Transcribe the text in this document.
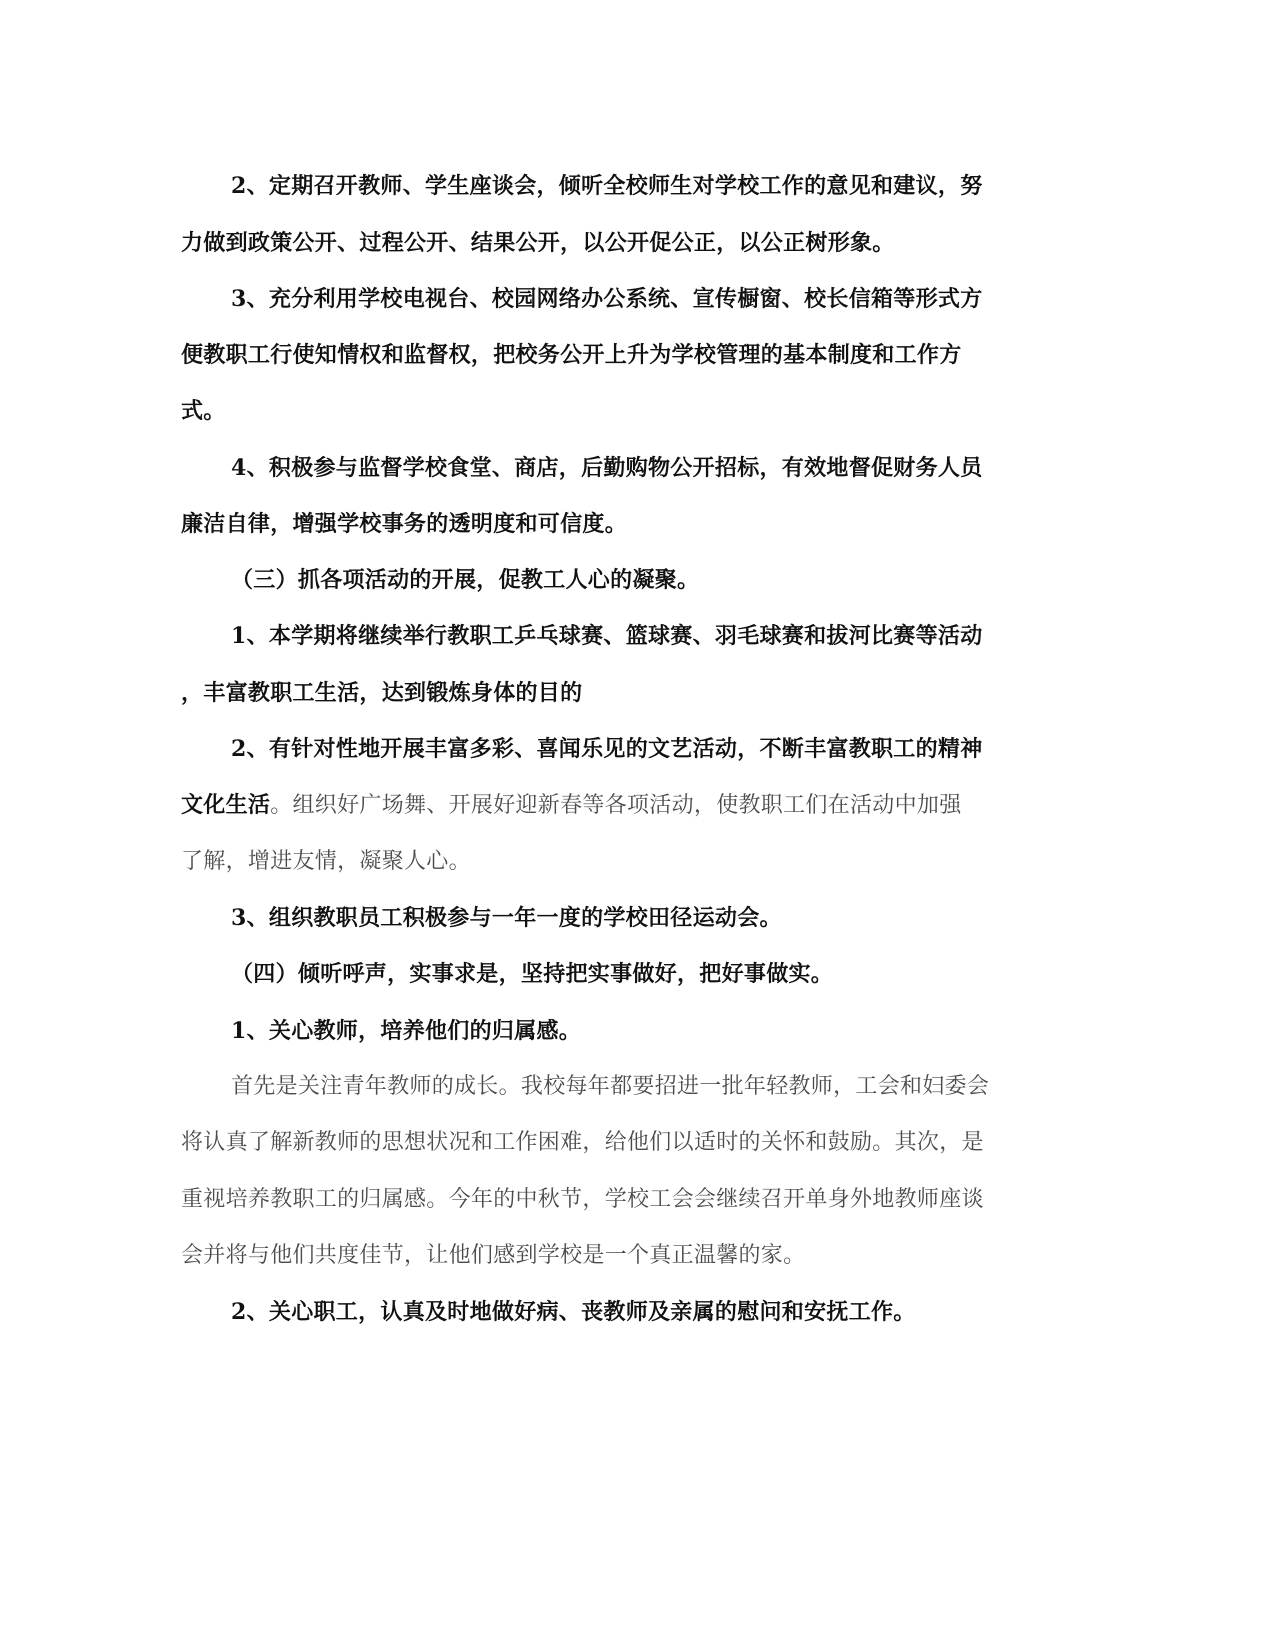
2、定期召开教师、学生座谈会，倾听全校师生对学校工作的意见和建议，努
力做到政策公开、过程公开、结果公开，以公开促公正，以公正树形象。
3、充分利用学校电视台、校园网络办公系统、宣传橱窗、校长信箱等形式方
便教职工行使知情权和监督权，把校务公开上升为学校管理的基本制度和工作方
式。
4、积极参与监督学校食堂、商店，后勤购物公开招标，有效地督促财务人员
廉洁自律，增强学校事务的透明度和可信度。
（三）抓各项活动的开展，促教工人心的凝聚。
1、本学期将继续举行教职工乒乓球赛、篮球赛、羽毛球赛和拔河比赛等活动
，丰富教职工生活，达到锻炼身体的目的
2、有针对性地开展丰富多彩、喜闻乐见的文艺活动，不断丰富教职工的精神
文化生活。组织好广场舞、开展好迎新春等各项活动，使教职工们在活动中加强
了解，增进友情，凝聚人心。
3、组织教职员工积极参与一年一度的学校田径运动会。
（四）倾听呼声，实事求是，坚持把实事做好，把好事做实。
1、关心教师，培养他们的归属感。
首先是关注青年教师的成长。我校每年都要招进一批年轻教师，工会和妇委会
将认真了解新教师的思想状况和工作困难，给他们以适时的关怀和鼓励。其次，是
重视培养教职工的归属感。今年的中秋节，学校工会会继续召开单身外地教师座谈
会并将与他们共度佳节，让他们感到学校是一个真正温馨的家。
2、关心职工，认真及时地做好病、丧教师及亲属的慰问和安抚工作。
